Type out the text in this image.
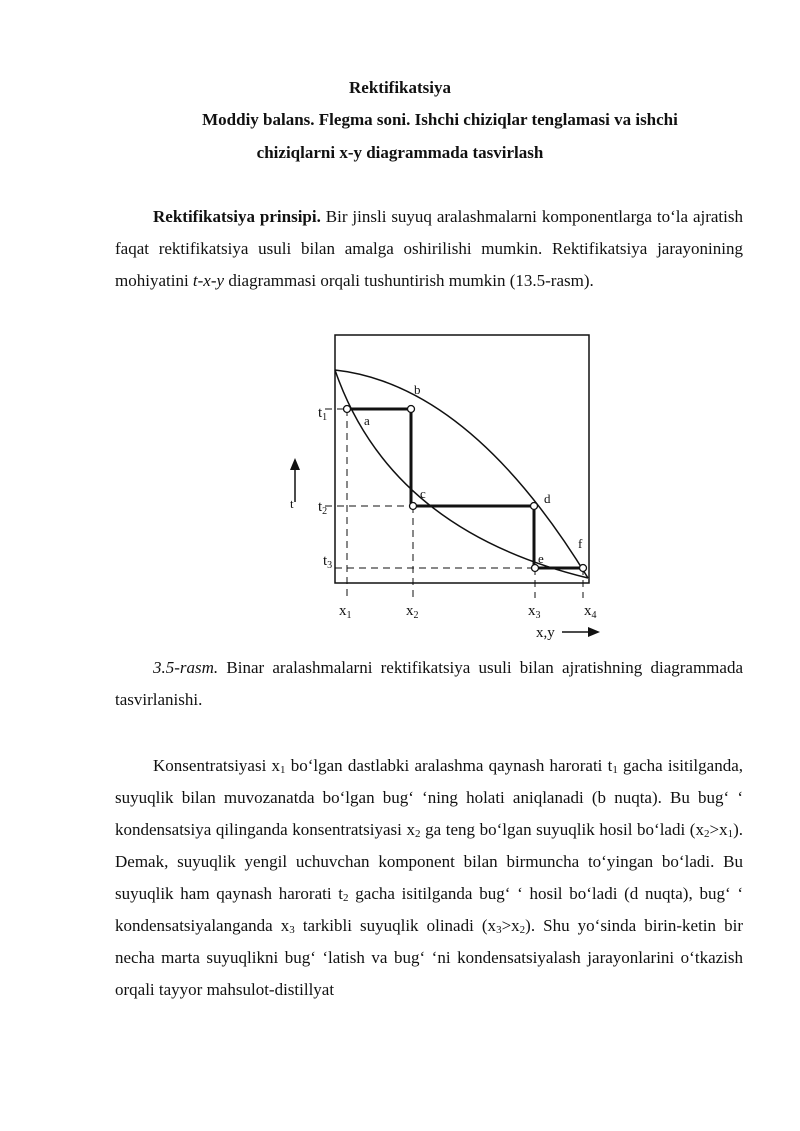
Rektifikatsiya
Moddiy balans. Flegma soni. Ishchi chiziqlar tenglamasi va ishchi
chiziqlarni x-y diagrammada tasvirlash
Rektifikatsiya prinsipi. Bir jinsli suyuq aralashmalarni komponentlarga to‘la ajratish faqat rektifikatsiya usuli bilan amalga oshirilishi mumkin. Rektifikatsiya jarayonining mohiyatini t-x-y diagrammasi orqali tushuntirish mumkin (13.5-rasm).
$t_1$
$t_2$
$t_3$
t
a
b
c	d
e
f
$x_1$	$x_2$	$x_3$	$x_4$
x,y
3.5-rasm. Binar aralashmalarni rektifikatsiya usuli bilan ajratishning diagrammada tasvirlanishi.
Konsentratsiyasi $x_1$ bo‘lgan dastlabki aralashma qaynash harorati $t_1$ gacha isitilganda, suyuqlik bilan muvozanatda bo‘lgan bug‘ ‘ning holati aniqlanadi (b nuqta). Bu bug‘ ‘ kondensatsiya qilinganda konsentratsiyasi $x_2$ ga teng bo‘lgan suyuqlik hosil bo‘ladi $(x_2>x_1)$. Demak, suyuqlik yengil uchuvchan komponent bilan birmuncha to‘yingan bo‘ladi. Bu suyuqlik ham qaynash harorati $t_2$ gacha isitilganda bug‘ ‘ hosil bo‘ladi (d nuqta), bug‘ ‘ kondensatsiyalanganda $x_3$ tarkibli suyuqlik olinadi $(x_3>x_2)$. Shu yo‘sinda birin-ketin bir necha marta suyuqlikni bug‘ ‘latish va bug‘ ‘ni kondensatsiyalash jarayonlarini o‘tkazish orqali tayyor mahsulot-distillyat
